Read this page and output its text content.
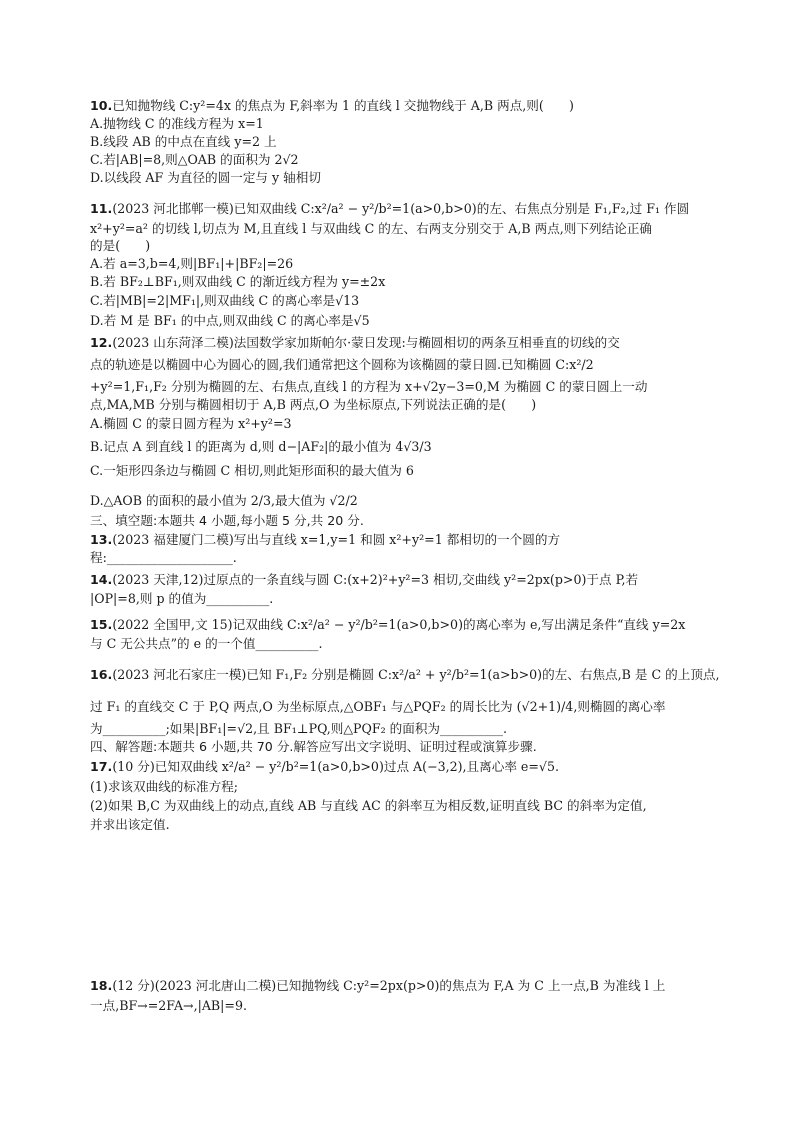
10.已知抛物线 C:y²=4x 的焦点为 F,斜率为 1 的直线 l 交抛物线于 A,B 两点,则(　　)
A.抛物线 C 的准线方程为 x=1
B.线段 AB 的中点在直线 y=2 上
C.若|AB|=8,则△OAB 的面积为 2√2
D.以线段 AF 为直径的圆一定与 y 轴相切
11.(2023 河北邯郸一模)已知双曲线 C:x²/a² − y²/b²=1(a>0,b>0)的左、右焦点分别是 F₁,F₂,过 F₁ 作圆
x²+y²=a² 的切线 l,切点为 M,且直线 l 与双曲线 C 的左、右两支分别交于 A,B 两点,则下列结论正确
的是(　　)
A.若 a=3,b=4,则|BF₁|+|BF₂|=26
B.若 BF₂⊥BF₁,则双曲线 C 的渐近线方程为 y=±2x
C.若|MB|=2|MF₁|,则双曲线 C 的离心率是√13
D.若 M 是 BF₁ 的中点,则双曲线 C 的离心率是√5
12.(2023 山东菏泽二模)法国数学家加斯帕尔·蒙日发现:与椭圆相切的两条互相垂直的切线的交
点的轨迹是以椭圆中心为圆心的圆,我们通常把这个圆称为该椭圆的蒙日圆.已知椭圆 C:x²/2
+y²=1,F₁,F₂ 分别为椭圆的左、右焦点,直线 l 的方程为 x+√2y−3=0,M 为椭圆 C 的蒙日圆上一动
点,MA,MB 分别与椭圆相切于 A,B 两点,O 为坐标原点,下列说法正确的是(　　)
A.椭圆 C 的蒙日圆方程为 x²+y²=3
B.记点 A 到直线 l 的距离为 d,则 d−|AF₂|的最小值为 4√3/3
C.一矩形四条边与椭圆 C 相切,则此矩形面积的最大值为 6
D.△AOB 的面积的最小值为 2/3,最大值为 √2/2
三、填空题:本题共 4 小题,每小题 5 分,共 20 分.
13.(2023 福建厦门二模)写出与直线 x=1,y=1 和圆 x²+y²=1 都相切的一个圆的方
程:____________________.
14.(2023 天津,12)过原点的一条直线与圆 C:(x+2)²+y²=3 相切,交曲线 y²=2px(p>0)于点 P,若
|OP|=8,则 p 的值为__________.
15.(2022 全国甲,文 15)记双曲线 C:x²/a² − y²/b²=1(a>0,b>0)的离心率为 e,写出满足条件“直线 y=2x
与 C 无公共点”的 e 的一个值__________.
16.(2023 河北石家庄一模)已知 F₁,F₂ 分别是椭圆 C:x²/a² + y²/b²=1(a>b>0)的左、右焦点,B 是 C 的上顶点,
过 F₁ 的直线交 C 于 P,Q 两点,O 为坐标原点,△OBF₁ 与△PQF₂ 的周长比为 (√2+1)/4,则椭圆的离心率
为__________;如果|BF₁|=√2,且 BF₁⊥PQ,则△PQF₂ 的面积为__________.
四、解答题:本题共 6 小题,共 70 分.解答应写出文字说明、证明过程或演算步骤.
17.(10 分)已知双曲线 x²/a² − y²/b²=1(a>0,b>0)过点 A(−3,2),且离心率 e=√5.
(1)求该双曲线的标准方程;
(2)如果 B,C 为双曲线上的动点,直线 AB 与直线 AC 的斜率互为相反数,证明直线 BC 的斜率为定值,
并求出该定值.
18.(12 分)(2023 河北唐山二模)已知抛物线 C:y²=2px(p>0)的焦点为 F,A 为 C 上一点,B 为准线 l 上
一点,BF→=2FA→,|AB|=9.
